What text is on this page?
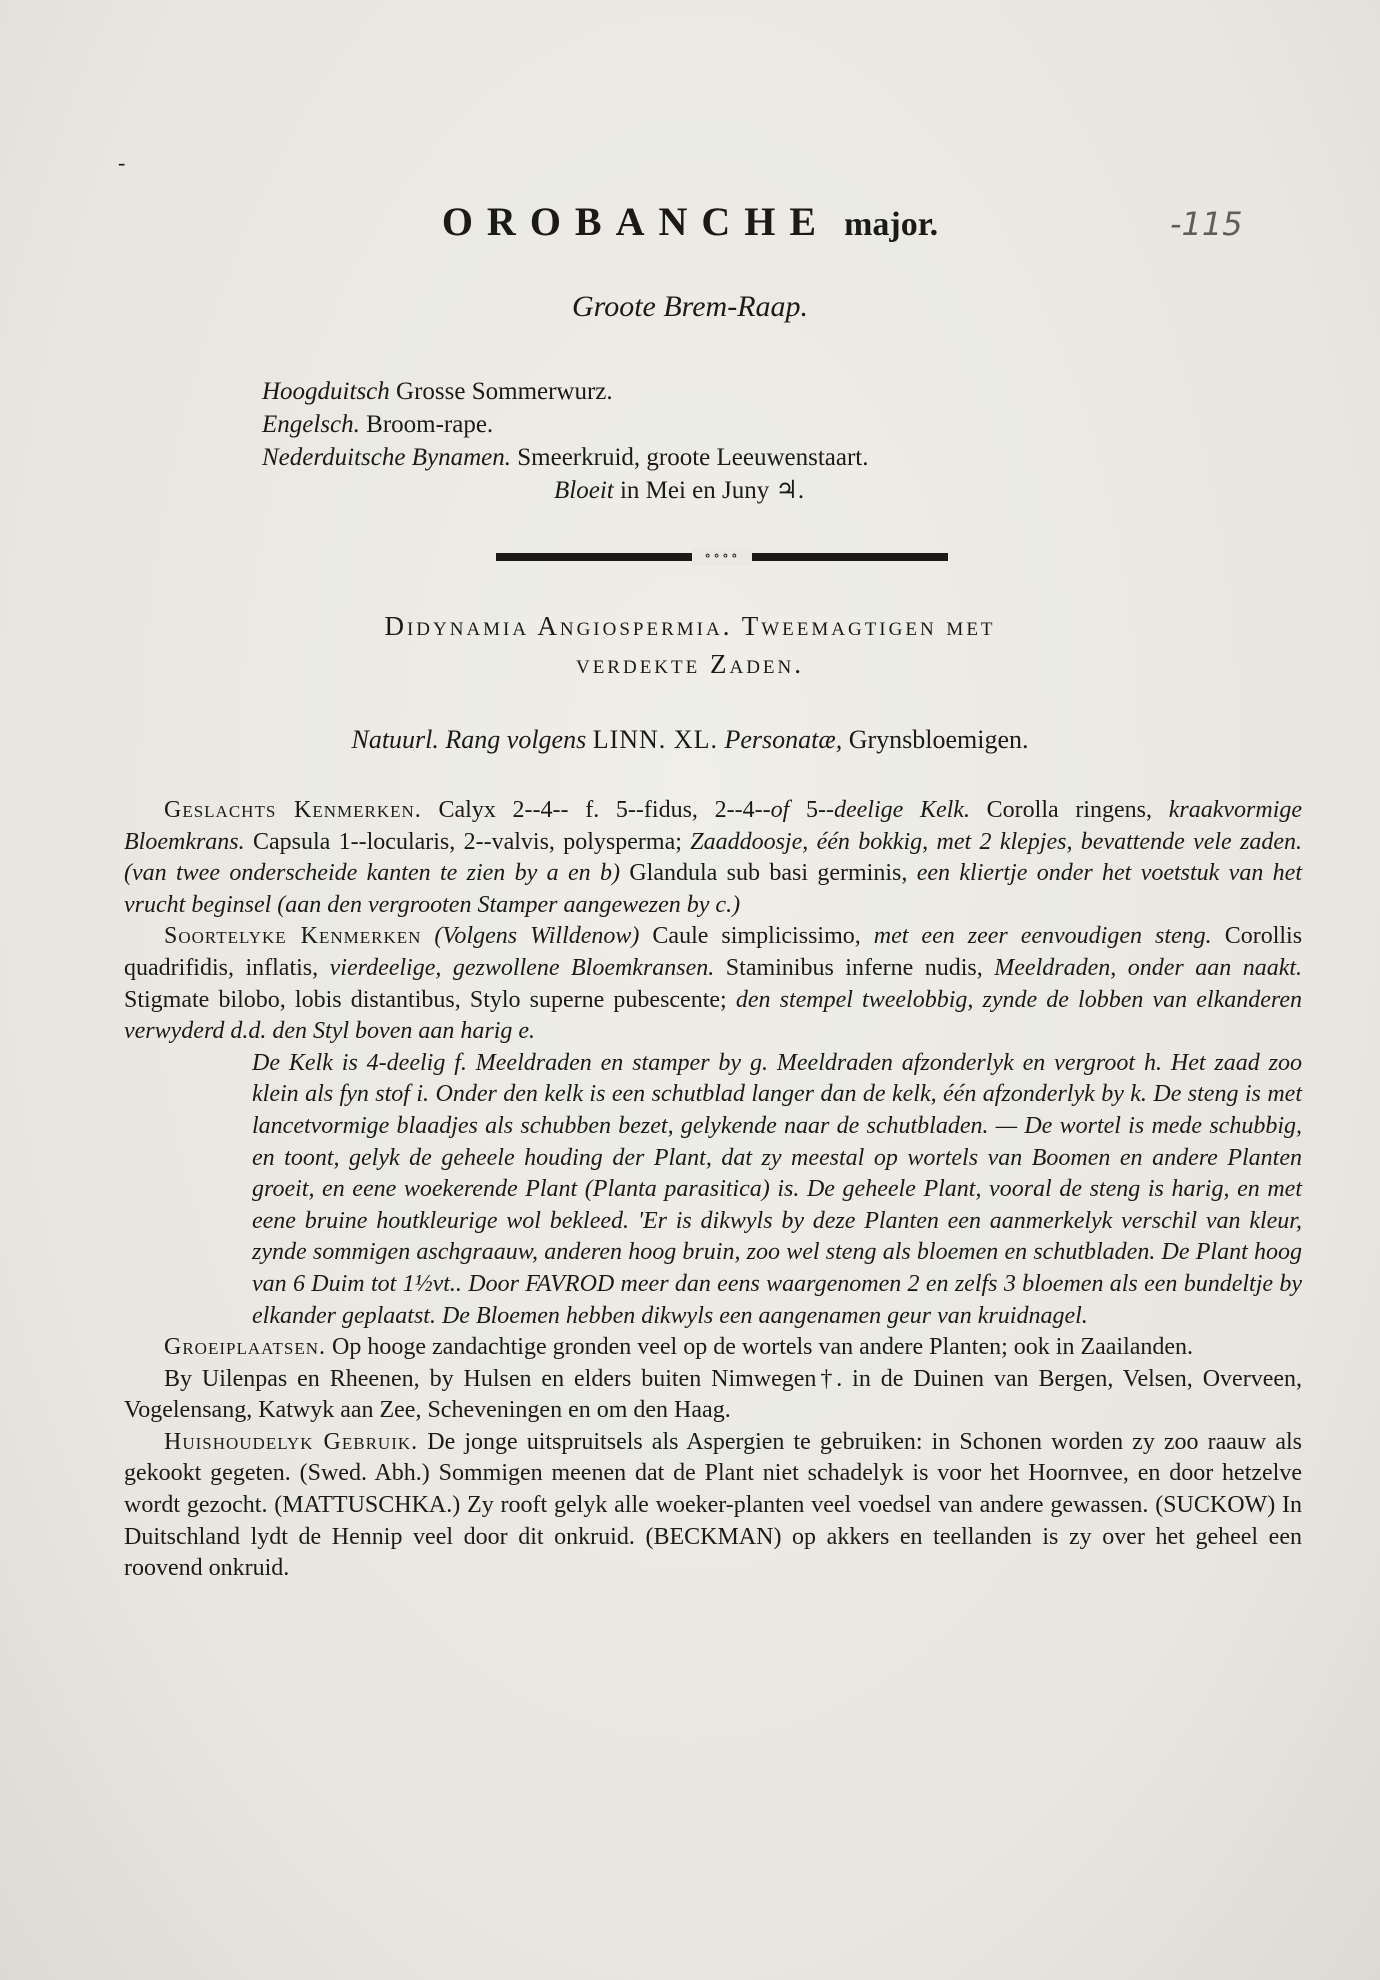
-
OROBANCHE major.	-115
Groote Brem-Raap.
Hoogduitsch Grosse Sommerwurz.
Engelsch. Broom-rape.
Nederduitsche Bynamen. Smeerkruid, groote Leeuwenstaart.
Bloeit in Mei en Juny ♃.
∘∘∘∘
Didynamia Angiospermia. Tweemagtigen met
verdekte Zaden.
Natuurl. Rang volgens LINN. XL. Personatæ, Grynsbloemigen.

Geslachts Kenmerken. Calyx 2--4-- f. 5--fidus, 2--4--of 5--deelige Kelk. Corolla ringens, kraakvormige Bloemkrans. Capsula 1--locularis, 2--valvis, polysperma; Zaaddoosje, één bokkig, met 2 klepjes, bevattende vele zaden. (van twee onderscheide kanten te zien by a en b) Glandula sub basi germinis, een kliertje onder het voetstuk van het vrucht beginsel (aan den vergrooten Stamper aangewezen by c.)

Soortelyke Kenmerken (Volgens Willdenow) Caule simplicissimo, met een zeer eenvoudigen steng. Corollis quadrifidis, inflatis, vierdeelige, gezwollene Bloemkransen. Staminibus inferne nudis, Meeldraden, onder aan naakt. Stigmate bilobo, lobis distantibus, Stylo superne pubescente; den stempel tweelobbig, zynde de lobben van elkanderen verwyderd d.d. den Styl boven aan harig e.

De Kelk is 4-deelig f. Meeldraden en stamper by g. Meeldraden afzonderlyk en vergroot h. Het zaad zoo klein als fyn stof i. Onder den kelk is een schutblad langer dan de kelk, één afzonderlyk by k. De steng is met lancetvormige blaadjes als schubben bezet, gelykende naar de schutbladen. — De wortel is mede schubbig, en toont, gelyk de geheele houding der Plant, dat zy meestal op wortels van Boomen en andere Planten groeit, en eene woekerende Plant (Planta parasitica) is. De geheele Plant, vooral de steng is harig, en met eene bruine houtkleurige wol bekleed. 'Er is dikwyls by deze Planten een aanmerkelyk verschil van kleur, zynde sommigen aschgraauw, anderen hoog bruin, zoo wel steng als bloemen en schutbladen. De Plant hoog van 6 Duim tot 1½vt.. Door FAVROD meer dan eens waargenomen 2 en zelfs 3 bloemen als een bundeltje by elkander geplaatst. De Bloemen hebben dikwyls een aangenamen geur van kruidnagel.

Groeiplaatsen. Op hooge zandachtige gronden veel op de wortels van andere Planten; ook in Zaailanden.

By Uilenpas en Rheenen, by Hulsen en elders buiten Nimwegen†. in de Duinen van Bergen, Velsen, Overveen, Vogelensang, Katwyk aan Zee, Scheveningen en om den Haag.

Huishoudelyk Gebruik. De jonge uitspruitsels als Aspergien te gebruiken: in Schonen worden zy zoo raauw als gekookt gegeten. (Swed. Abh.) Sommigen meenen dat de Plant niet schadelyk is voor het Hoornvee, en door hetzelve wordt gezocht. (MATTUSCHKA.) Zy rooft gelyk alle woeker-planten veel voedsel van andere gewassen. (SUCKOW) In Duitschland lydt de Hennip veel door dit onkruid. (BECKMAN) op akkers en teellanden is zy over het geheel een roovend onkruid.
